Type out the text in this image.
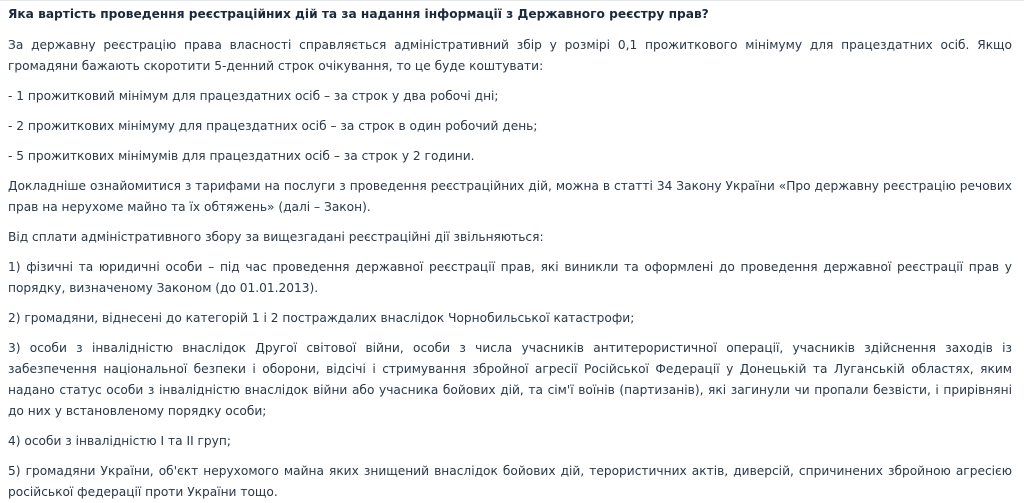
Яка вартість проведення реєстраційних дій та за надання інформації з Державного реєстру прав?

За державну реєстрацію права власності справляється адміністративний збір у розмірі 0,1 прожиткового мінімуму для працездатних осіб. Якщо громадяни бажають скоротити 5-денний строк очікування, то це буде коштувати:

- 1 прожитковий мінімум для працездатних осіб – за строк у два робочі дні;

- 2 прожиткових мінімуму для працездатних осіб – за строк в один робочий день;

- 5 прожиткових мінімумів для працездатних осіб – за строк у 2 години.

Докладніше ознайомитися з тарифами на послуги з проведення реєстраційних дій, можна в статті 34 Закону України «Про державну реєстрацію речових прав на нерухоме майно та їх обтяжень» (далі – Закон).

Від сплати адміністративного збору за вищезгадані реєстраційні дії звільняються:

1) фізичні та юридичні особи – під час проведення державної реєстрації прав, які виникли та оформлені до проведення державної реєстрації прав у порядку, визначеному Законом (до 01.01.2013).

2) громадяни, віднесені до категорій 1 і 2 постраждалих внаслідок Чорнобильської катастрофи;

3) особи з інвалідністю внаслідок Другої світової війни, особи з числа учасників антитерористичної операції, учасників здійснення заходів із забезпечення національної безпеки і оборони, відсічі і стримування збройної агресії Російської Федерації у Донецькій та Луганській областях, яким надано статус особи з інвалідністю внаслідок війни або учасника бойових дій, та сім'ї воїнів (партизанів), які загинули чи пропали безвісти, і прирівняні до них у встановленому порядку особи;

4) особи з інвалідністю I та II груп;

5) громадяни України, об'єкт нерухомого майна яких знищений внаслідок бойових дій, терористичних актів, диверсій, спричинених збройною агресією російської федерації проти України тощо.
